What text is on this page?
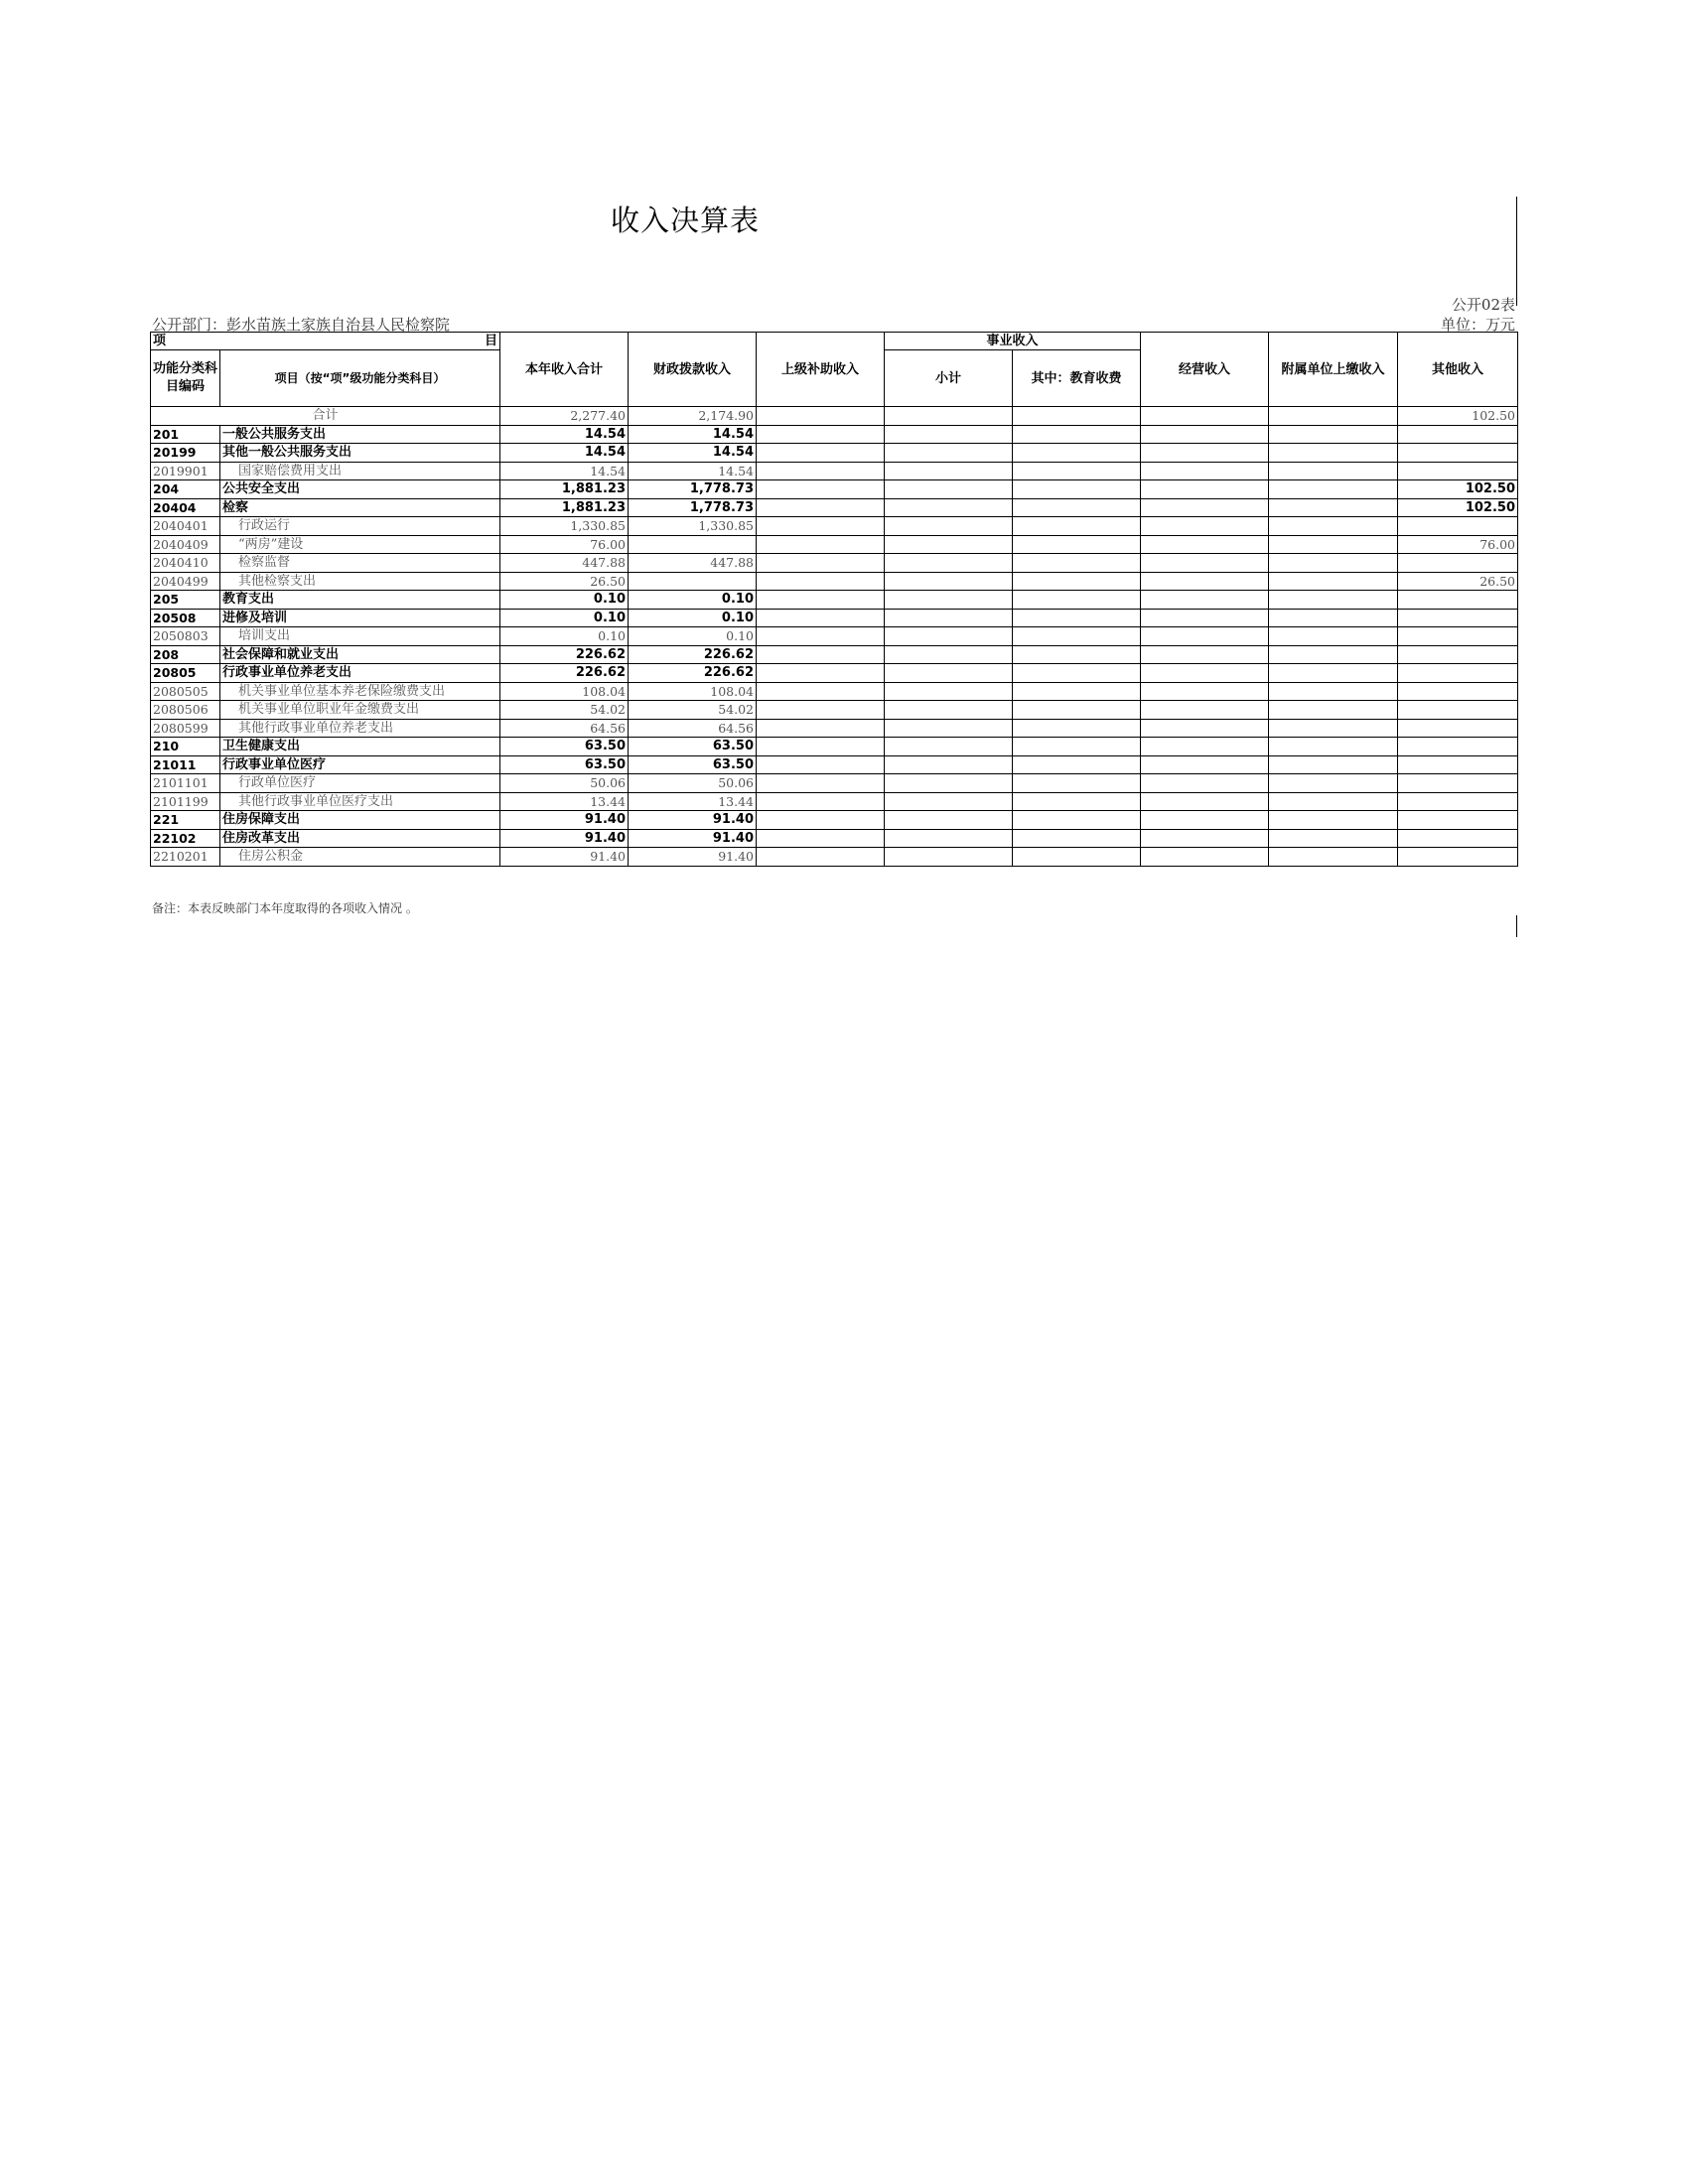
收入决算表
公开02表
公开部门：彭水苗族土家族自治县人民检察院	单位：万元
项 目		本年收入合计	财政拨款收入	上级补助收入	事业收入		经营收入	附属单位上缴收入	其他收入
功能分类科目编码	项目（按“项”级功能分类科目）				小计	其中：教育收费			

合计		2,277.40	2,174.90						102.50
201	一般公共服务支出	14.54	14.54						
20199	其他一般公共服务支出	14.54	14.54						
2019901	国家赔偿费用支出	14.54	14.54						
204	公共安全支出	1,881.23	1,778.73						102.50
20404	检察	1,881.23	1,778.73						102.50
2040401	行政运行	1,330.85	1,330.85						
2040409	“两房”建设	76.00							76.00
2040410	检察监督	447.88	447.88						
2040499	其他检察支出	26.50							26.50
205	教育支出	0.10	0.10						
20508	进修及培训	0.10	0.10						
2050803	培训支出	0.10	0.10						
208	社会保障和就业支出	226.62	226.62						
20805	行政事业单位养老支出	226.62	226.62						
2080505	机关事业单位基本养老保险缴费支出	108.04	108.04						
2080506	机关事业单位职业年金缴费支出	54.02	54.02						
2080599	其他行政事业单位养老支出	64.56	64.56						
210	卫生健康支出	63.50	63.50						
21011	行政事业单位医疗	63.50	63.50						
2101101	行政单位医疗	50.06	50.06						
2101199	其他行政事业单位医疗支出	13.44	13.44						
221	住房保障支出	91.40	91.40						
22102	住房改革支出	91.40	91.40						
2210201	住房公积金	91.40	91.40						
备注：本表反映部门本年度取得的各项收入情况 。
